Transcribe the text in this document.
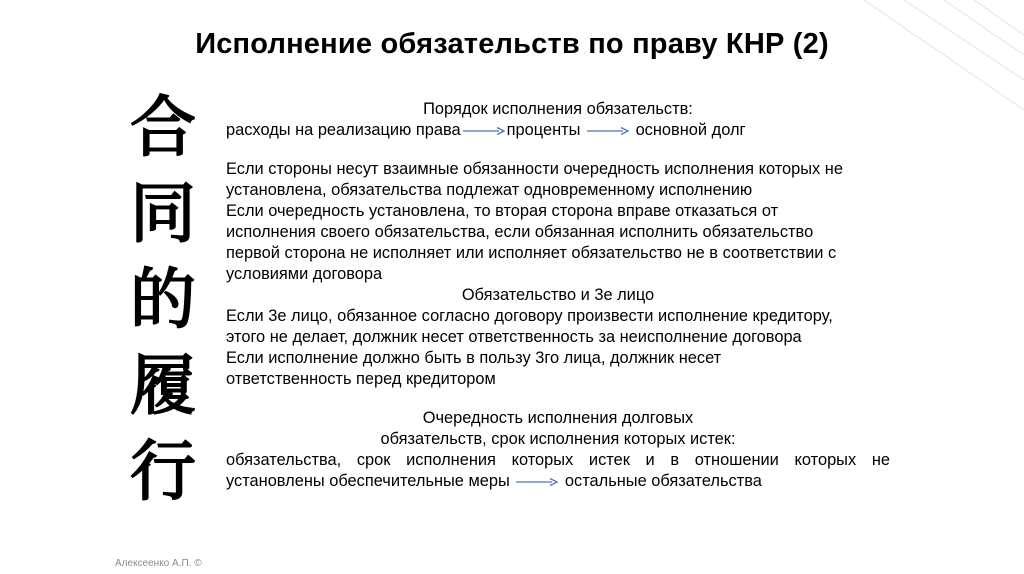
Исполнение обязательств по праву КНР (2)
合
同
的
履
行

Порядок исполнения обязательств:

расходы на реализацию права	проценты	основной долг

Если стороны несут взаимные обязанности очередность исполнения которых не

установлена, обязательства подлежат одновременному исполнению

Если очередность установлена, то вторая сторона вправе отказаться от

исполнения своего обязательства, если обязанная исполнить обязательство

первой сторона не исполняет или исполняет обязательство не в соответствии с

условиями договора

Обязательство и 3е лицо

Если 3е лицо, обязанное согласно договору произвести исполнение кредитору,

этого не делает, должник несет ответственность за неисполнение договора

Если исполнение должно быть в пользу 3го лица, должник несет

ответственность перед кредитором

Очередность исполнения долговых

обязательств, срок исполнения которых истек:

обязательства, срок исполнения которых истек и в отношении которых не

установлены обеспечительные меры	остальные обязательства

Алексеенко А.П. ©
